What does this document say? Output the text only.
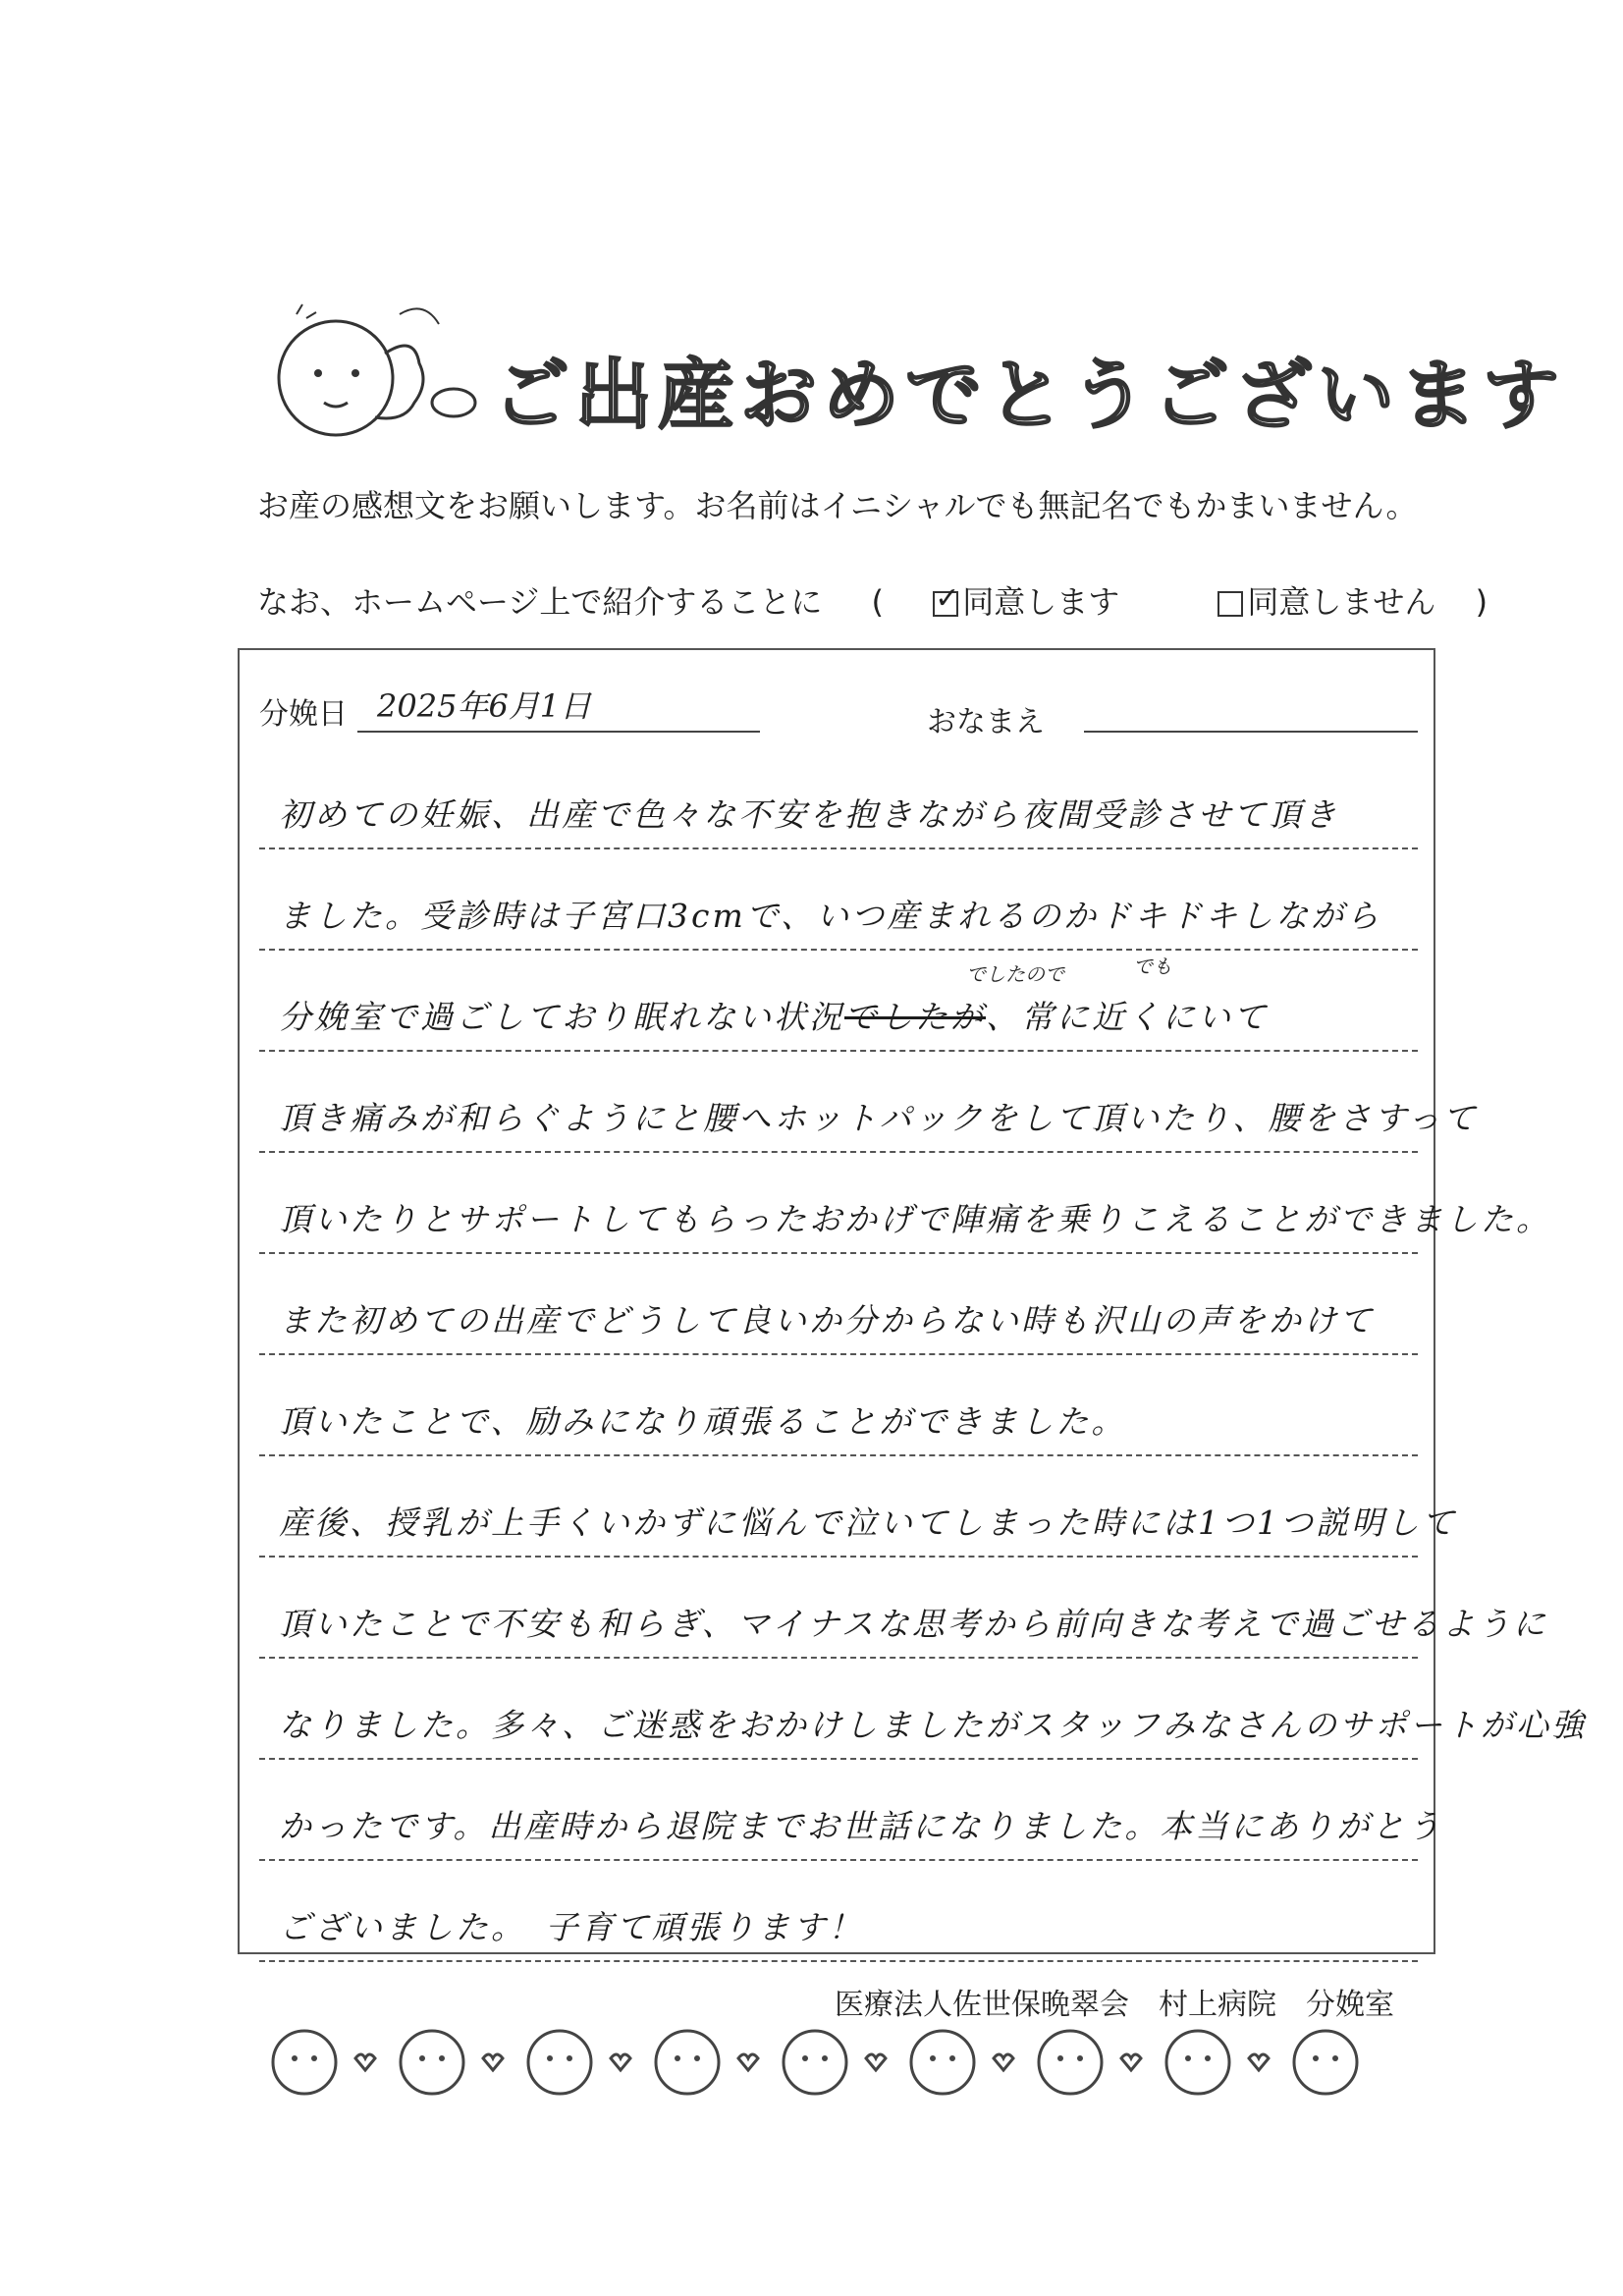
ご出産おめでとうございます
お産の感想文をお願いします。お名前はイニシャルでも無記名でもかまいません。
なお、ホームページ上で紹介することに ( ✓	同意します	同意しません )
分娩日 2025年6月1日	おなまえ
初めての妊娠、出産で色々な不安を抱きながら夜間受診させて頂き
ました。受診時は子宮口3cmで、いつ産まれるのかドキドキしながら
分娩室で過ごしており眠れない状況でしたが、常に近くにいて
でしたので	でも
頂き痛みが和らぐようにと腰へホットパックをして頂いたり、腰をさすって
頂いたりとサポートしてもらったおかげで陣痛を乗りこえることができました。
また初めての出産でどうして良いか分からない時も沢山の声をかけて
頂いたことで、励みになり頑張ることができました。
産後、授乳が上手くいかずに悩んで泣いてしまった時には1つ1つ説明して
頂いたことで不安も和らぎ、マイナスな思考から前向きな考えで過ごせるように
なりました。多々、ご迷惑をおかけしましたがスタッフみなさんのサポートが心強
かったです。出産時から退院までお世話になりました。本当にありがとう
ございました。　子育て頑張ります！
医療法人佐世保晩翠会　村上病院　分娩室
